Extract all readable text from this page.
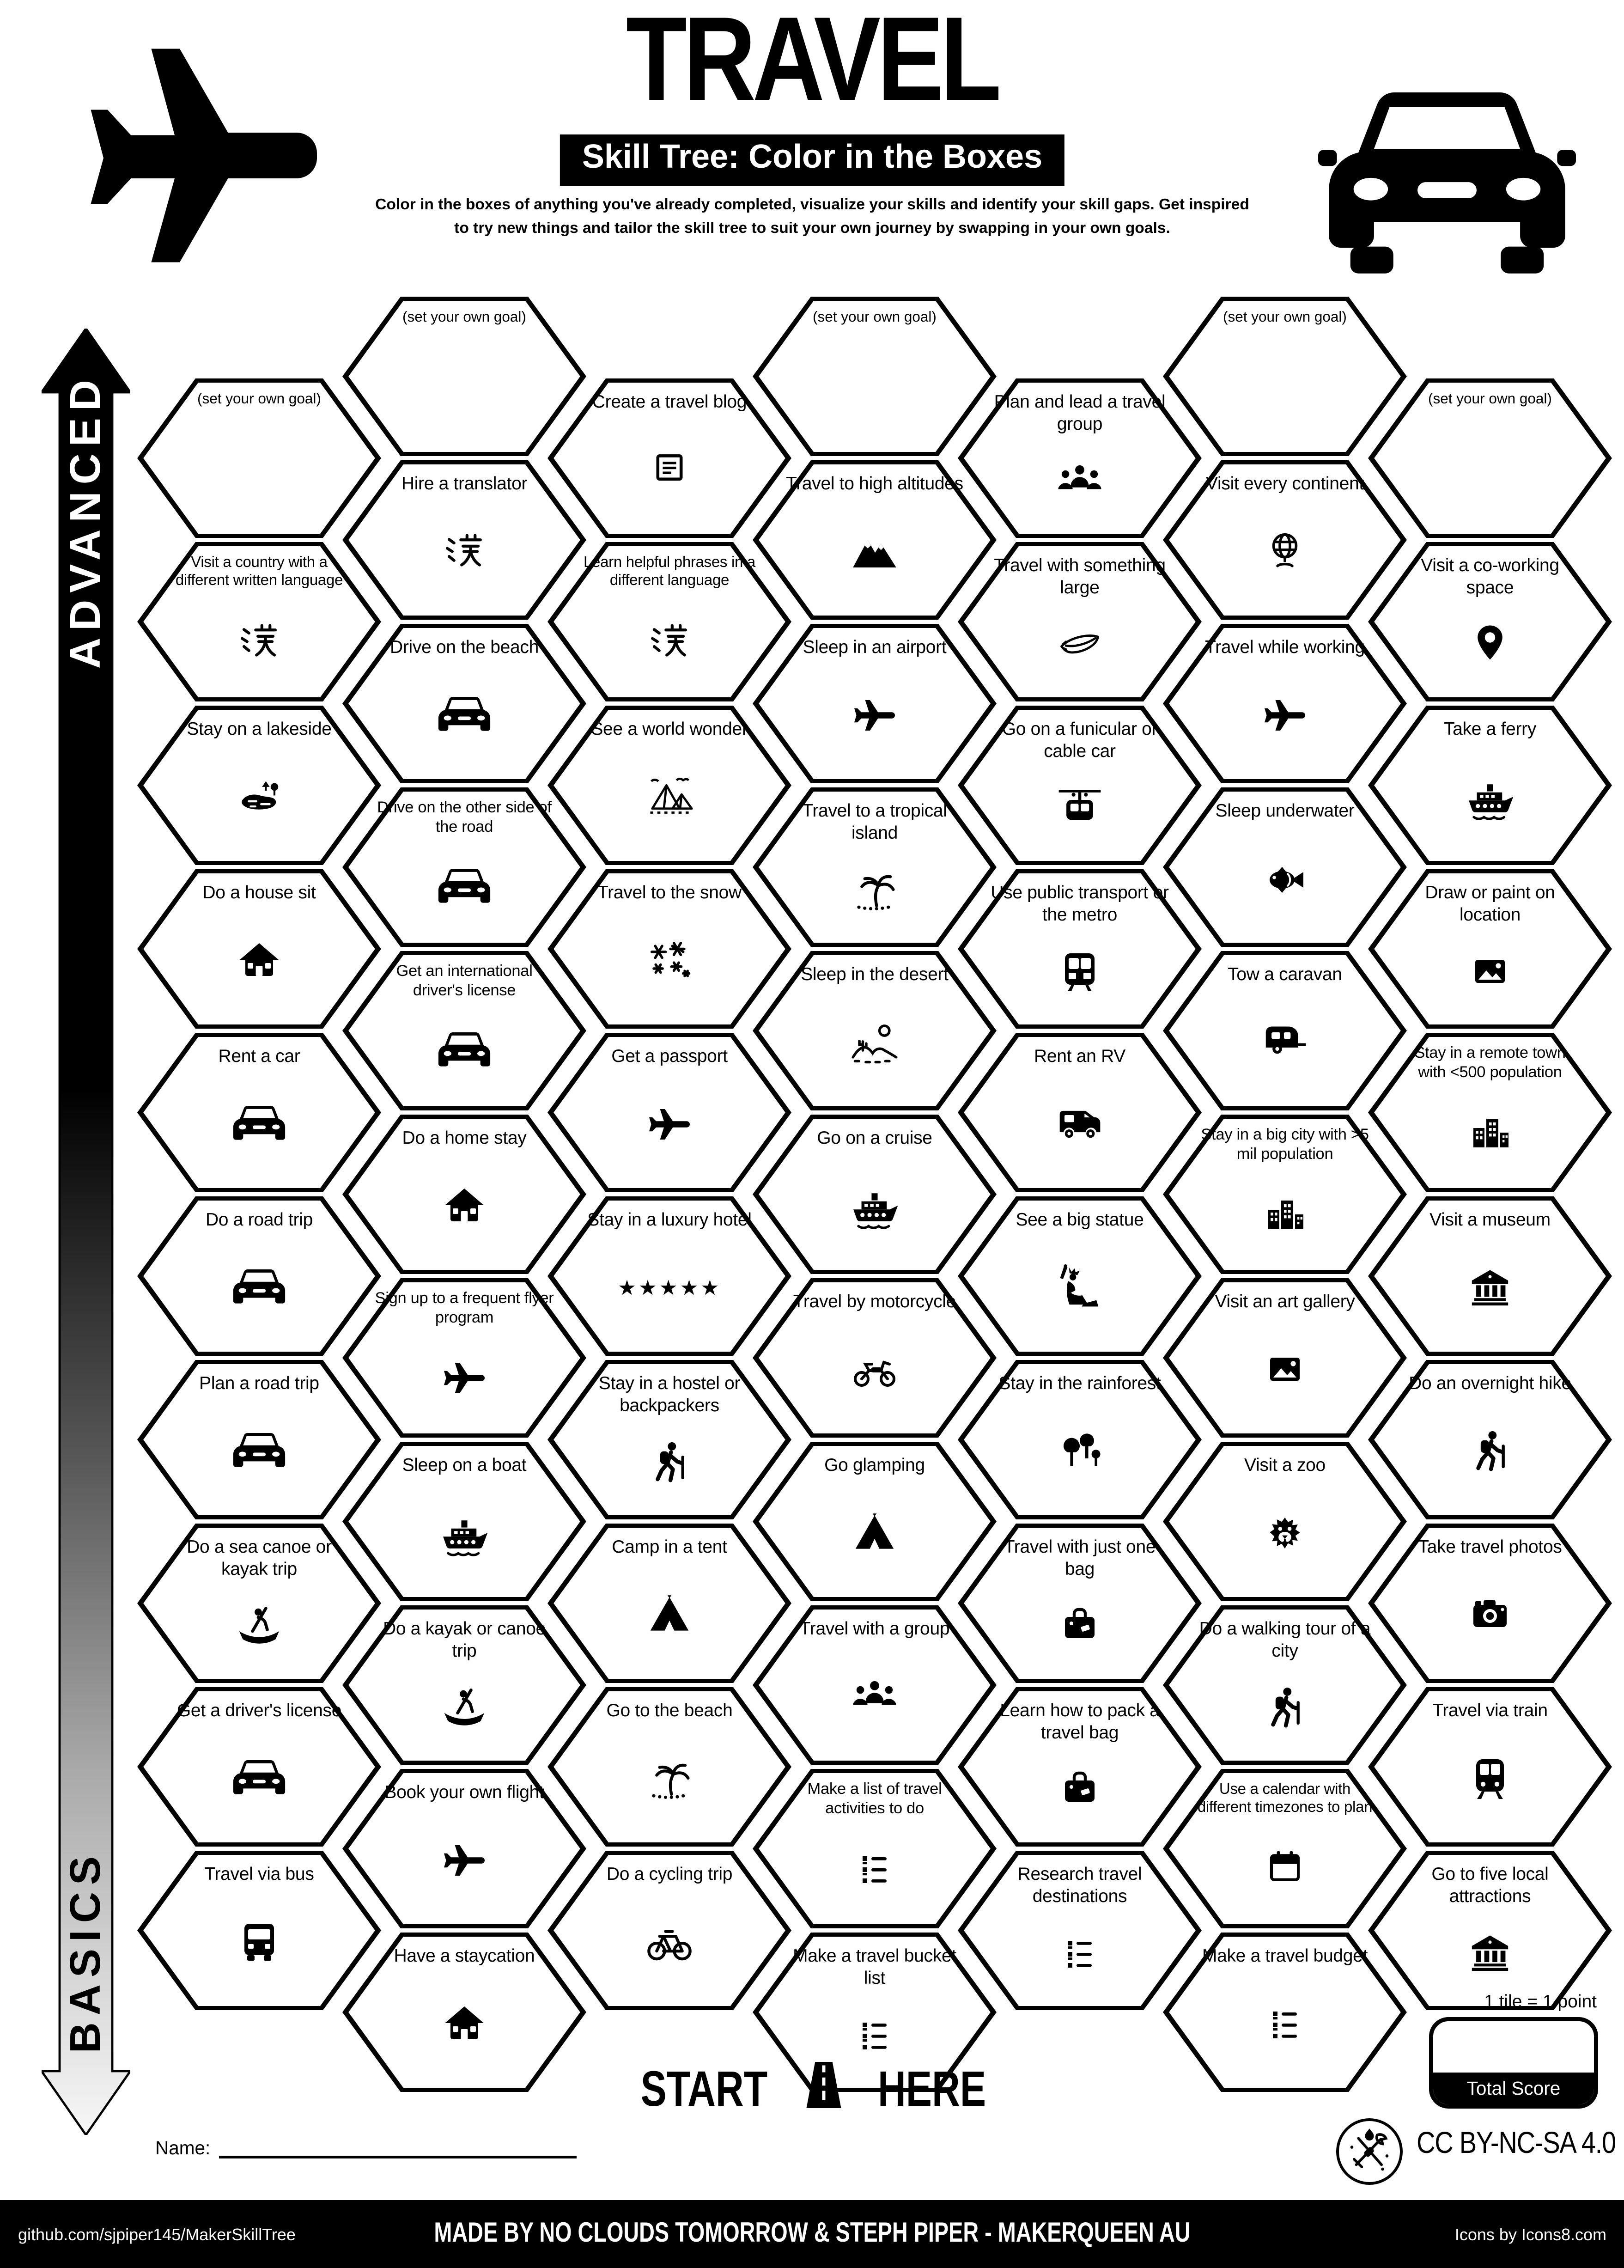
TRAVEL
Skill Tree: Color in the Boxes
Color in the boxes of anything you've already completed, visualize your skills and identify your skill gaps. Get inspired
to try new things and tailor the skill tree to suit your own journey by swapping in your own goals.
ADVANCED
BASICS
(set your own goal)
Visit a country with a different written language
Stay on a lakeside
Do a house sit
Rent a car
Do a road trip
Plan a road trip
Do a sea canoe or kayak trip
Get a driver's license
Travel via bus
(set your own goal)
Hire a translator
Drive on the beach
Drive on the other side of the road
Get an international driver's license
Do a home stay
Sign up to a frequent flyer program
Sleep on a boat
Do a kayak or canoe trip
Book your own flight
Have a staycation
Create a travel blog
Learn helpful phrases in a different language
See a world wonder
Travel to the snow
Get a passport
Stay in a luxury hotel
★★★★★
Stay in a hostel or backpackers
Camp in a tent
Go to the beach
Do a cycling trip
(set your own goal)
Travel to high altitudes
Sleep in an airport
Travel to a tropical island
Sleep in the desert
Go on a cruise
Travel by motorcycle
Go glamping
Travel with a group
Make a list of travel activities to do
Make a travel bucket list
Plan and lead a travel group
Travel with something large
Go on a funicular or cable car
Use public transport or the metro
Rent an RV
See a big statue
Stay in the rainforest
Travel with just one bag
Learn how to pack a travel bag
Research travel destinations
(set your own goal)
Visit every continent
Travel while working
Sleep underwater
Tow a caravan
Stay in a big city with >5 mil population
Visit an art gallery
Visit a zoo
Do a walking tour of a city
Use a calendar with different timezones to plan
Make a travel budget
(set your own goal)
Visit a co-working space
Take a ferry
Draw or paint on location
Stay in a remote town with <500 population
Visit a museum
Do an overnight hike
Take travel photos
Travel via train
Go to five local attractions
START	HERE
Name:
1 tile = 1 point
Total Score
CC BY-NC-SA 4.0
github.com/sjpiper145/MakerSkillTree	MADE BY NO CLOUDS TOMORROW & STEPH PIPER - MAKERQUEEN AU	Icons by Icons8.com
